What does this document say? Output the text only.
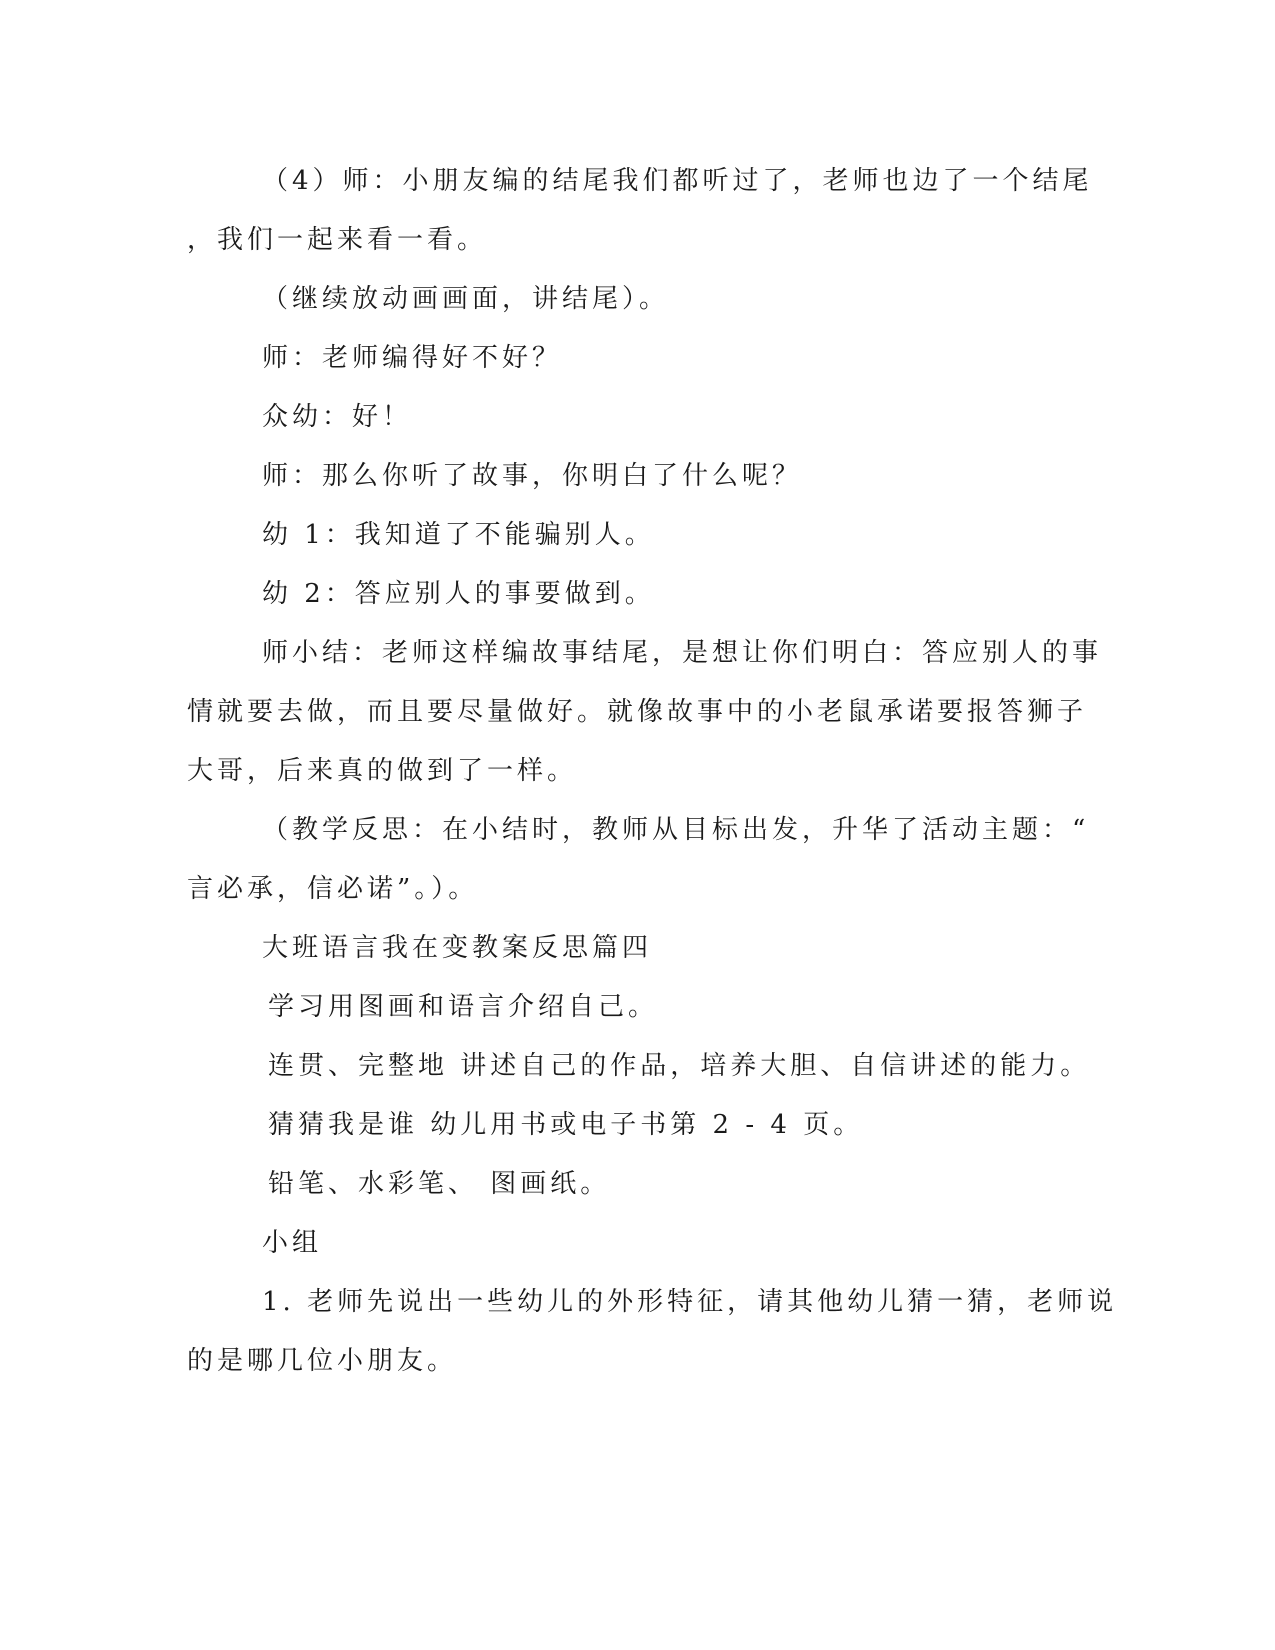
（4）师：小朋友编的结尾我们都听过了，老师也边了一个结尾
，我们一起来看一看。
（继续放动画画面，讲结尾）。
师：老师编得好不好？
众幼：好！
师：那么你听了故事，你明白了什么呢？
幼 1：我知道了不能骗别人。
幼 2：答应别人的事要做到。
师小结：老师这样编故事结尾，是想让你们明白：答应别人的事
情就要去做，而且要尽量做好。就像故事中的小老鼠承诺要报答狮子
大哥，后来真的做到了一样。
（教学反思：在小结时，教师从目标出发，升华了活动主题：“
言必承，信必诺”。）。
大班语言我在变教案反思篇四
学习用图画和语言介绍自己。
连贯、完整地 讲述自己的作品，培养大胆、自信讲述的能力。
猜猜我是谁 幼儿用书或电子书第 2 - 4 页。
铅笔、水彩笔、 图画纸。
小组
1. 老师先说出一些幼儿的外形特征，请其他幼儿猜一猜，老师说
的是哪几位小朋友。
